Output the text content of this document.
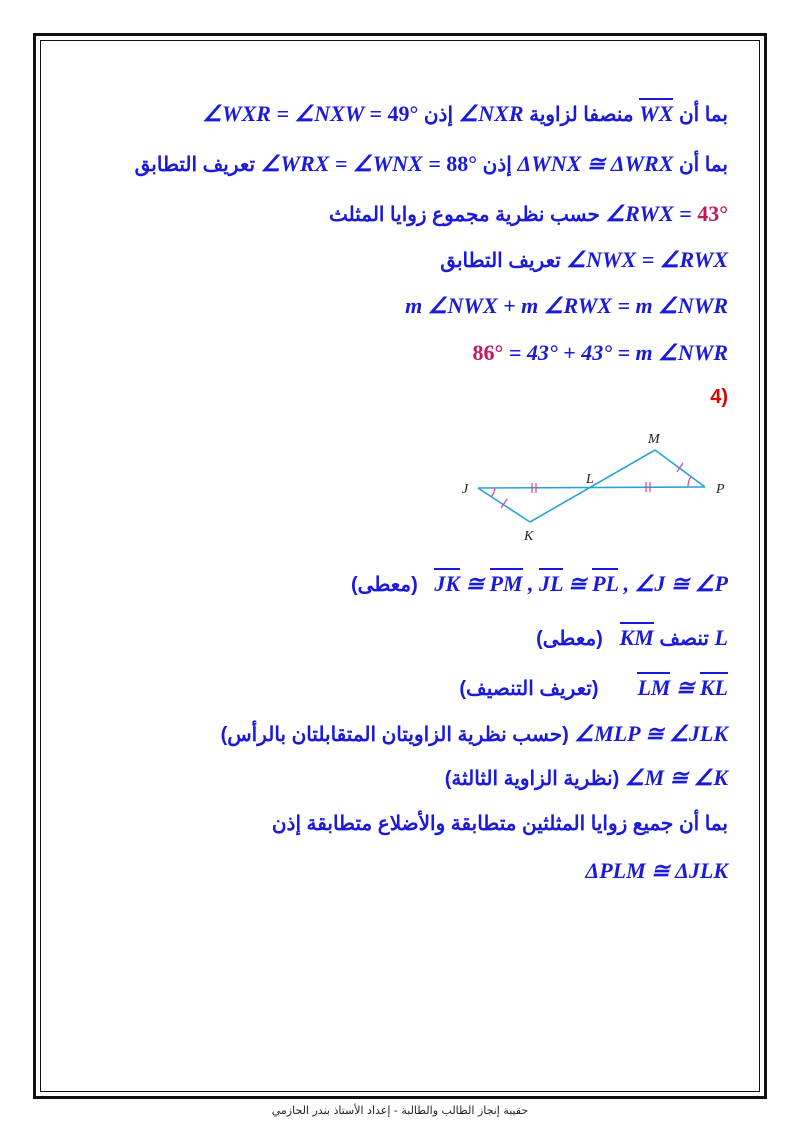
بما أن WX منصفا لزاوية ∠NXR إذن ∠WXR = ∠NXW = 49°
بما أن ΔWNX ≅ ΔWRX إذن ∠WRX = ∠WNX = 88° تعريف التطابق
∠RWX = 43° حسب نظرية مجموع زوايا المثلث
∠NWX = ∠RWX تعريف التطابق
m ∠NWX + m ∠RWX = m ∠NWR
86° = 43° + 43° = m ∠NWR
(4
J
K
L
M
P
JK ≅ PM , JL ≅ PL , ∠J ≅ ∠P   (معطى)
L تنصف KM   (معطى)
LM ≅ KL       (تعريف التنصيف)
∠MLP ≅ ∠JLK (حسب نظرية الزاويتان المتقابلتان بالرأس)
∠M ≅ ∠K (نظرية الزاوية الثالثة)
بما أن جميع زوايا المثلثين متطابقة والأضلاع متطابقة إذن
ΔPLM ≅ ΔJLK
حقيبة إنجاز الطالب والطالبة - إعداد الأستاذ بندر الحازمي
